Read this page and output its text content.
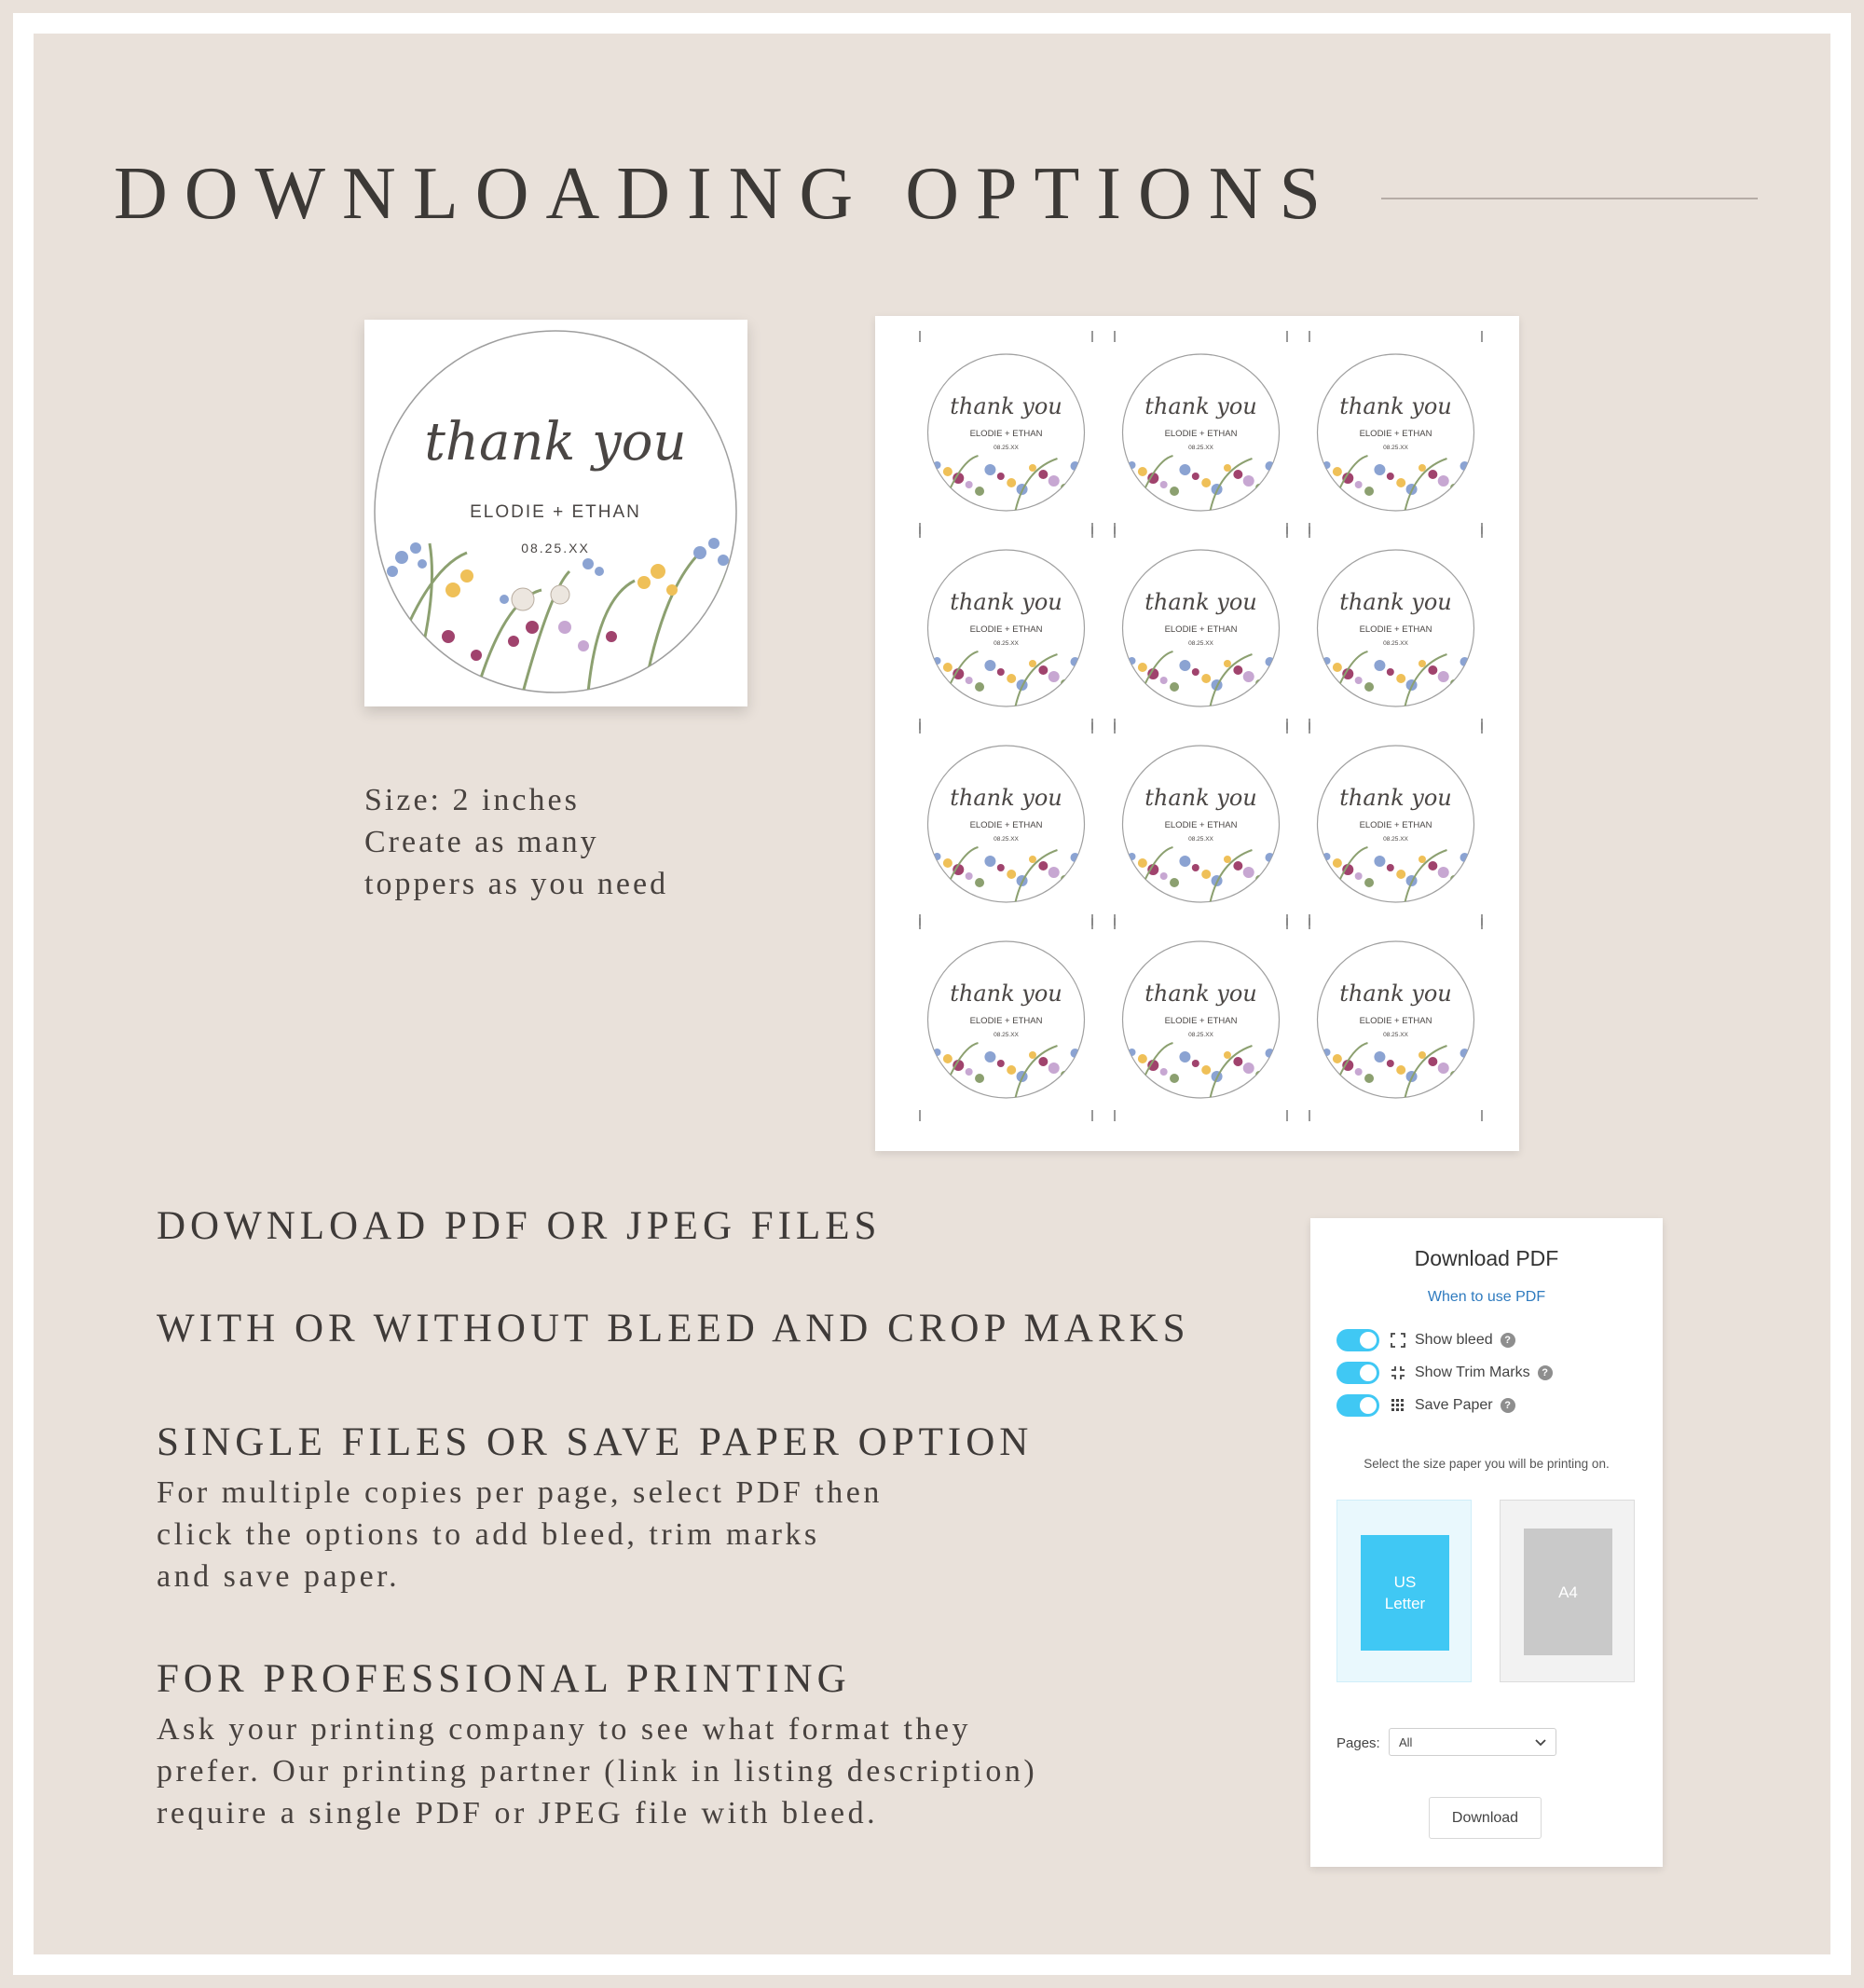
DOWNLOADING OPTIONS
thank you
ELODIE + ETHAN
08.25.XX
Size: 2 inches
Create as many
toppers as you need
thank you
ELODIE + ETHAN
08.25.XX
thank you
ELODIE + ETHAN
08.25.XX
thank you
ELODIE + ETHAN
08.25.XX
thank you
ELODIE + ETHAN
08.25.XX
thank you
ELODIE + ETHAN
08.25.XX
thank you
ELODIE + ETHAN
08.25.XX
thank you
ELODIE + ETHAN
08.25.XX
thank you
ELODIE + ETHAN
08.25.XX
thank you
ELODIE + ETHAN
08.25.XX
thank you
ELODIE + ETHAN
08.25.XX
thank you
ELODIE + ETHAN
08.25.XX
thank you
ELODIE + ETHAN
08.25.XX
DOWNLOAD PDF OR JPEG FILES
WITH OR WITHOUT BLEED AND CROP MARKS
SINGLE FILES OR SAVE PAPER OPTION
For multiple copies per page, select PDF then
click the options to add bleed, trim marks
and save paper.
FOR PROFESSIONAL PRINTING
Ask your printing company to see what format they
prefer. Our printing partner (link in listing description)
require a single PDF or JPEG file with bleed.
Download PDF
When to use PDF
Show bleed	?
Show Trim Marks	?
Save Paper	?
Select the size paper you will be printing on.
US
Letter
A4
Pages: All
Download
